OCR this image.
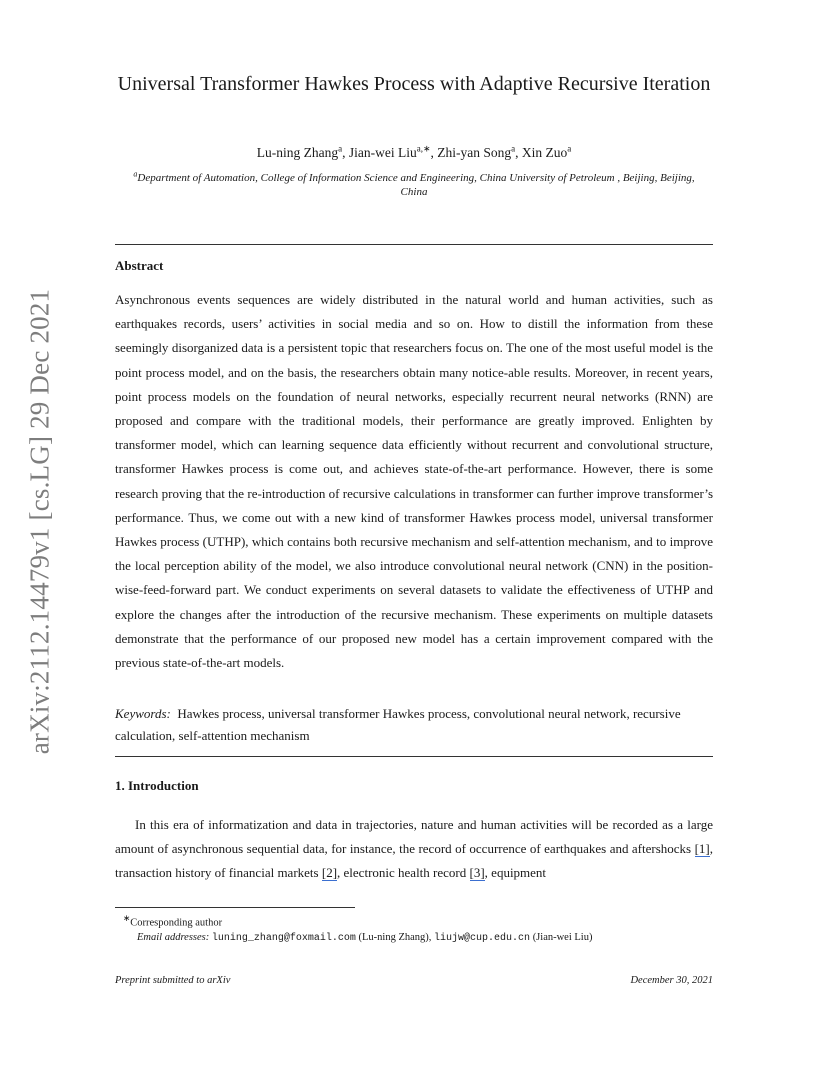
arXiv:2112.14479v1 [cs.LG] 29 Dec 2021
Universal Transformer Hawkes Process with Adaptive Recursive Iteration
Lu-ning Zhang$^a$, Jian-wei Liu$^{a,∗}$, Zhi-yan Song$^a$, Xin Zuo$^a$
$^a$Department of Automation, College of Information Science and Engineering, China University of Petroleum , Beijing, Beijing, China
Abstract
Asynchronous events sequences are widely distributed in the natural world and human activities, such as earthquakes records, users’ activities in social media and so on. How to distill the information from these seemingly disorganized data is a persistent topic that researchers focus on. The one of the most useful model is the point process model, and on the basis, the researchers obtain many notice-able results. Moreover, in recent years, point process models on the foundation of neural networks, especially recurrent neural networks (RNN) are proposed and compare with the traditional models, their performance are greatly improved. Enlighten by transformer model, which can learning sequence data efficiently without recurrent and convolutional structure, transformer Hawkes process is come out, and achieves state-of-the-art performance. However, there is some research proving that the re-introduction of recursive calculations in transformer can further improve transformer’s performance. Thus, we come out with a new kind of transformer Hawkes process model, universal transformer Hawkes process (UTHP), which contains both recursive mechanism and self-attention mechanism, and to improve the local perception ability of the model, we also introduce convolutional neural network (CNN) in the position-wise-feed-forward part. We conduct experiments on several datasets to validate the effectiveness of UTHP and explore the changes after the introduction of the recursive mechanism. These experiments on multiple datasets demonstrate that the performance of our proposed new model has a certain improvement compared with the previous state-of-the-art models.
Keywords: Hawkes process, universal transformer Hawkes process, convolutional neural network, recursive calculation, self-attention mechanism
1. Introduction
In this era of informatization and data in trajectories, nature and human activities will be recorded as a large amount of asynchronous sequential data, for instance, the record of occurrence of earthquakes and aftershocks [1], transaction history of financial markets [2], electronic health record [3], equipment
∗Corresponding author
Email addresses: luning_zhang@foxmail.com (Lu-ning Zhang), liujw@cup.edu.cn (Jian-wei Liu)
Preprint submitted to arXiv	December 30, 2021
